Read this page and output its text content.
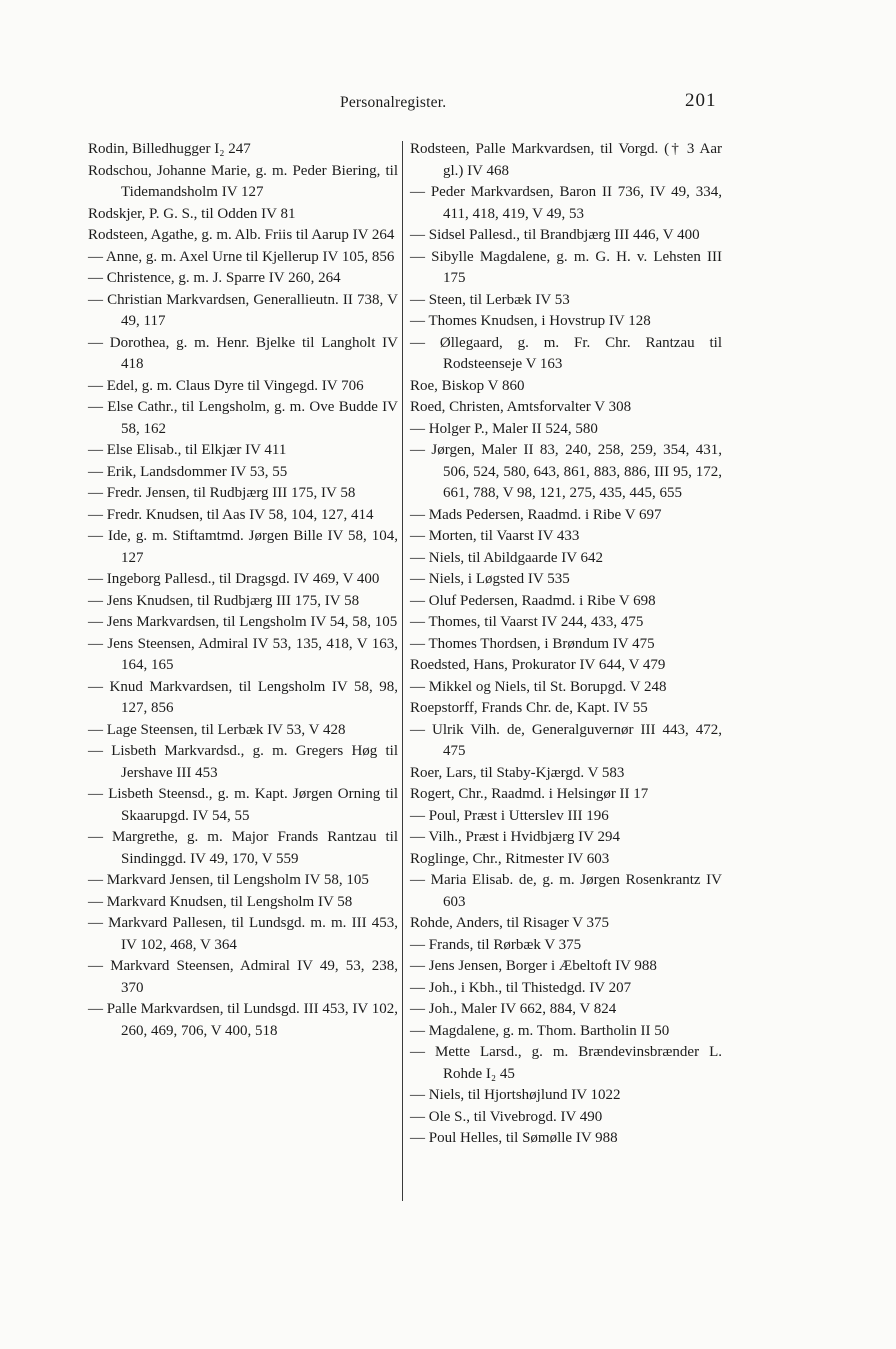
Personalregister.	201
Rodin, Billedhugger I₂ 247
Rodschou, Johanne Marie, g. m. Peder Biering, til Tidemandsholm IV 127
Rodskjer, P. G. S., til Odden IV 81
Rodsteen, Agathe, g. m. Alb. Friis til Aarup IV 264
— Anne, g. m. Axel Urne til Kjellerup IV 105, 856
— Christence, g. m. J. Sparre IV 260, 264
— Christian Markvardsen, Generallieutn. II 738, V 49, 117
— Dorothea, g. m. Henr. Bjelke til Langholt IV 418
— Edel, g. m. Claus Dyre til Vingegd. IV 706
— Else Cathr., til Lengsholm, g. m. Ove Budde IV 58, 162
— Else Elisab., til Elkjær IV 411
— Erik, Landsdommer IV 53, 55
— Fredr. Jensen, til Rudbjærg III 175, IV 58
— Fredr. Knudsen, til Aas IV 58, 104, 127, 414
— Ide, g. m. Stiftamtmd. Jørgen Bille IV 58, 104, 127
— Ingeborg Pallesd., til Dragsgd. IV 469, V 400
— Jens Knudsen, til Rudbjærg III 175, IV 58
— Jens Markvardsen, til Lengsholm IV 54, 58, 105
— Jens Steensen, Admiral IV 53, 135, 418, V 163, 164, 165
— Knud Markvardsen, til Lengsholm IV 58, 98, 127, 856
— Lage Steensen, til Lerbæk IV 53, V 428
— Lisbeth Markvardsd., g. m. Gregers Høg til Jershave III 453
— Lisbeth Steensd., g. m. Kapt. Jørgen Orning til Skaarupgd. IV 54, 55
— Margrethe, g. m. Major Frands Rantzau til Sindinggd. IV 49, 170, V 559
— Markvard Jensen, til Lengsholm IV 58, 105
— Markvard Knudsen, til Lengsholm IV 58
— Markvard Pallesen, til Lundsgd. m. m. III 453, IV 102, 468, V 364
— Markvard Steensen, Admiral IV 49, 53, 238, 370
— Palle Markvardsen, til Lundsgd. III 453, IV 102, 260, 469, 706, V 400, 518
Rodsteen, Palle Markvardsen, til Vorgd. († 3 Aar gl.) IV 468
— Peder Markvardsen, Baron II 736, IV 49, 334, 411, 418, 419, V 49, 53
— Sidsel Pallesd., til Brandbjærg III 446, V 400
— Sibylle Magdalene, g. m. G. H. v. Lehsten III 175
— Steen, til Lerbæk IV 53
— Thomes Knudsen, i Hovstrup IV 128
— Øllegaard, g. m. Fr. Chr. Rantzau til Rodsteenseje V 163
Roe, Biskop V 860
Roed, Christen, Amtsforvalter V 308
— Holger P., Maler II 524, 580
— Jørgen, Maler II 83, 240, 258, 259, 354, 431, 506, 524, 580, 643, 861, 883, 886, III 95, 172, 661, 788, V 98, 121, 275, 435, 445, 655
— Mads Pedersen, Raadmd. i Ribe V 697
— Morten, til Vaarst IV 433
— Niels, til Abildgaarde IV 642
— Niels, i Løgsted IV 535
— Oluf Pedersen, Raadmd. i Ribe V 698
— Thomes, til Vaarst IV 244, 433, 475
— Thomes Thordsen, i Brøndum IV 475
Roedsted, Hans, Prokurator IV 644, V 479
— Mikkel og Niels, til St. Borupgd. V 248
Roepstorff, Frands Chr. de, Kapt. IV 55
— Ulrik Vilh. de, Generalguvernør III 443, 472, 475
Roer, Lars, til Staby-Kjærgd. V 583
Rogert, Chr., Raadmd. i Helsingør II 17
— Poul, Præst i Utterslev III 196
— Vilh., Præst i Hvidbjærg IV 294
Roglinge, Chr., Ritmester IV 603
— Maria Elisab. de, g. m. Jørgen Rosenkrantz IV 603
Rohde, Anders, til Risager V 375
— Frands, til Rørbæk V 375
— Jens Jensen, Borger i Æbeltoft IV 988
— Joh., i Kbh., til Thistedgd. IV 207
— Joh., Maler IV 662, 884, V 824
— Magdalene, g. m. Thom. Bartholin II 50
— Mette Larsd., g. m. Brændevinsbrænder L. Rohde I₂ 45
— Niels, til Hjortshøjlund IV 1022
— Ole S., til Vivebrogd. IV 490
— Poul Helles, til Sømølle IV 988
